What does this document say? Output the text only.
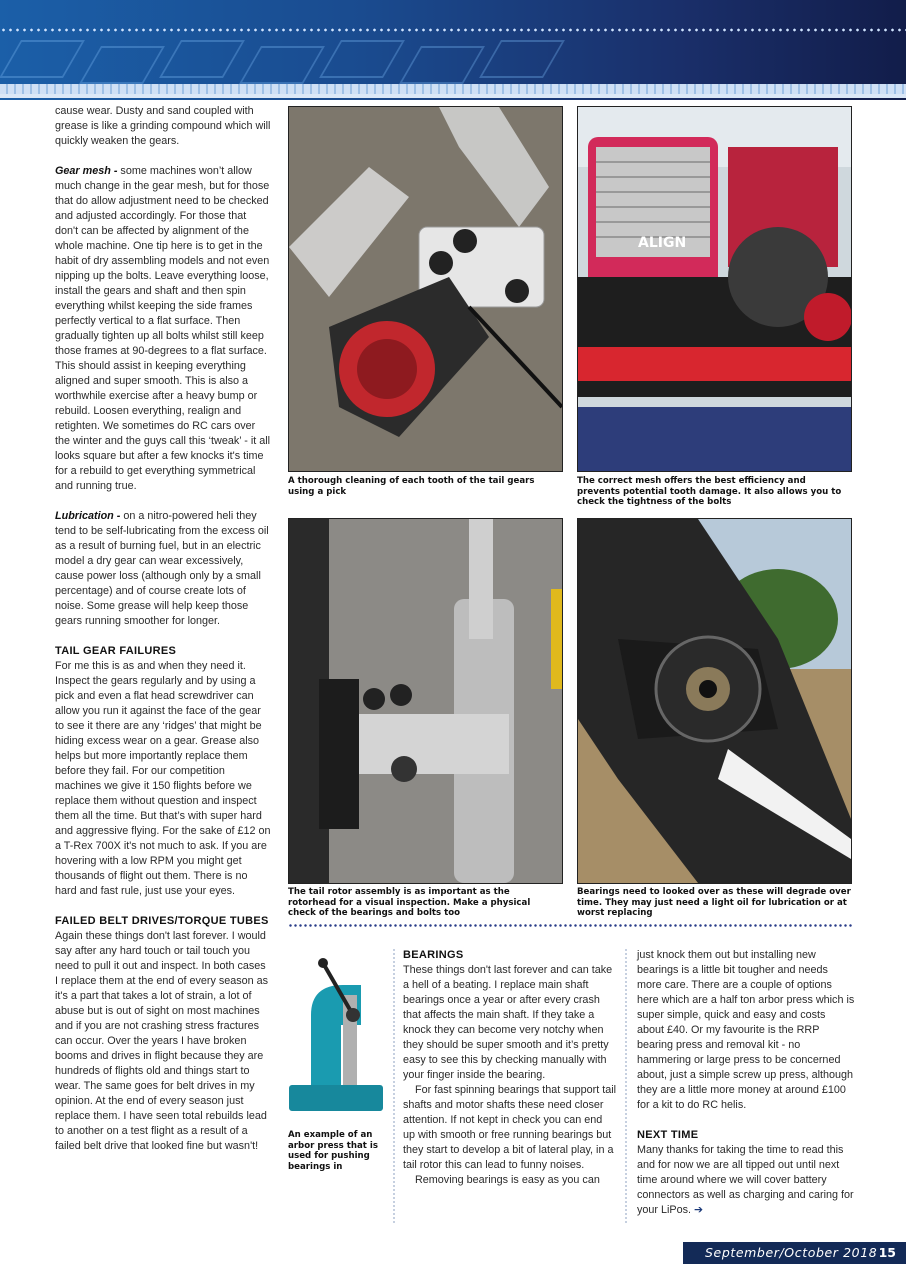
cause wear. Dusty and sand coupled with grease is like a grinding compound which will quickly weaken the gears.

Gear mesh - some machines won’t allow much change in the gear mesh, but for those that do allow adjustment need to be checked and adjusted accordingly. For those that don't can be affected by alignment of the whole machine. One tip here is to get in the habit of dry assembling models and not even nipping up the bolts. Leave everything loose, install the gears and shaft and then spin everything whilst keeping the side frames perfectly vertical to a flat surface. Then gradually tighten up all bolts whilst still keep those frames at 90-degrees to a flat surface. This should assist in keeping everything aligned and super smooth. This is also a worthwhile exercise after a heavy bump or rebuild. Loosen everything, realign and retighten. We sometimes do RC cars over the winter and the guys call this ‘tweak’ - it all looks square but after a few knocks it's time for a rebuild to get everything symmetrical and running true.

Lubrication - on a nitro-powered heli they tend to be self-lubricating from the excess oil as a result of burning fuel, but in an electric model a dry gear can wear excessively, cause power loss (although only by a small percentage) and of course create lots of noise. Some grease will help keep those gears running smoother for longer.

TAIL GEAR FAILURES

For me this is as and when they need it. Inspect the gears regularly and by using a pick and even a flat head screwdriver can allow you run it against the face of the gear to see it there are any ‘ridges’ that might be hiding excess wear on a gear. Grease also helps but more importantly replace them before they fail. For our competition machines we give it 150 flights before we replace them without question and inspect them all the time. But that’s with super hard and aggressive flying. For the sake of £12 on a T-Rex 700X it's not much to ask. If you are hovering with a low RPM you might get thousands of flight out them. There is no hard and fast rule, just use your eyes.

FAILED BELT DRIVES/TORQUE TUBES

Again these things don't last forever. I would say after any hard touch or tail touch you need to pull it out and inspect. In both cases I replace them at the end of every season as it's a part that takes a lot of strain, a lot of abuse but is out of sight on most machines and if you are not crashing stress fractures can occur. Over the years I have broken booms and drives in flight because they are hundreds of flights old and things start to wear. The same goes for belt drives in my opinion. At the end of every season just replace them. I have seen total rebuilds lead to another on a test flight as a result of a failed belt drive that looked fine but wasn't!

A thorough cleaning of each tooth of the tail gears using a pick
ALIGN
The correct mesh offers the best efficiency and prevents potential tooth damage. It also allows you to check the tightness of the bolts
The tail rotor assembly is as important as the rotorhead for a visual inspection. Make a physical check of the bearings and bolts too
Bearings need to looked over as these will degrade over time. They may just need a light oil for lubrication or at worst replacing
An example of an arbor press that is used for pushing bearings in
BEARINGS

These things don't last forever and can take a hell of a beating. I replace main shaft bearings once a year or after every crash that affects the main shaft. If they take a knock they can become very notchy when they should be super smooth and it’s pretty easy to see this by checking manually with your finger inside the bearing.

For fast spinning bearings that support tail shafts and motor shafts these need closer attention. If not kept in check you can end up with smooth or free running bearings but they start to develop a bit of lateral play, in a tail rotor this can lead to funny noises.

Removing bearings is easy as you can

just knock them out but installing new bearings is a little bit tougher and needs more care. There are a couple of options here which are a half ton arbor press which is super simple, quick and easy and costs about £40. Or my favourite is the RRP bearing press and removal kit - no hammering or large press to be concerned about, just a simple screw up press, although they are a little more money at around £100 for a kit to do RC helis.

NEXT TIME

Many thanks for taking the time to read this and for now we are all tipped out until next time around where we will cover battery connectors as well as charging and caring for your LiPos. ➔

September/October 2018 15
